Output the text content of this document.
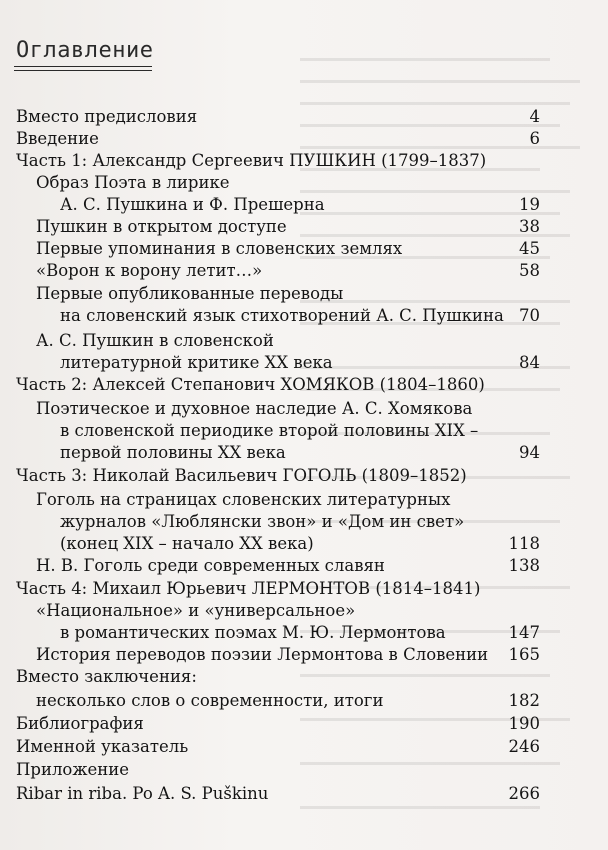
Оглавление
Вместо предисловия	4
Введение	6
Часть 1: Александр Сергеевич ПУШКИН (1799–1837)
Образ Поэта в лирике
А. С. Пушкина и Ф. Прешерна	19
Пушкин в открытом доступе	38
Первые упоминания в словенских землях	45
«Ворон к ворону летит…»	58
Первые опубликованные переводы
на словенский язык стихотворений А. С. Пушкина 70
А. С. Пушкин в словенской
литературной критике ХХ века	84
Часть 2: Алексей Степанович ХОМЯКОВ (1804–1860)
Поэтическое и духовное наследие А. С. Хомякова
в словенской периодике второй половины XIX –
первой половины XX века	94
Часть 3: Николай Васильевич ГОГОЛЬ (1809–1852)
Гоголь на страницах словенских литературных
журналов «Люблянски звон» и «Дом ин свет»
(конец XIX – начало XX века)	118
Н. В. Гоголь среди современных славян	138
Часть 4: Михаил Юрьевич ЛЕРМОНТОВ (1814–1841)
«Национальное» и «универсальное»
в романтических поэмах М. Ю. Лермонтова	147
История переводов поэзии Лермонтова в Словении 165
Вместо заключения:
несколько слов о современности, итоги	182
Библиография	190
Именной указатель	246
Приложение
Ribar in riba. Po A. S. Puškinu	266
